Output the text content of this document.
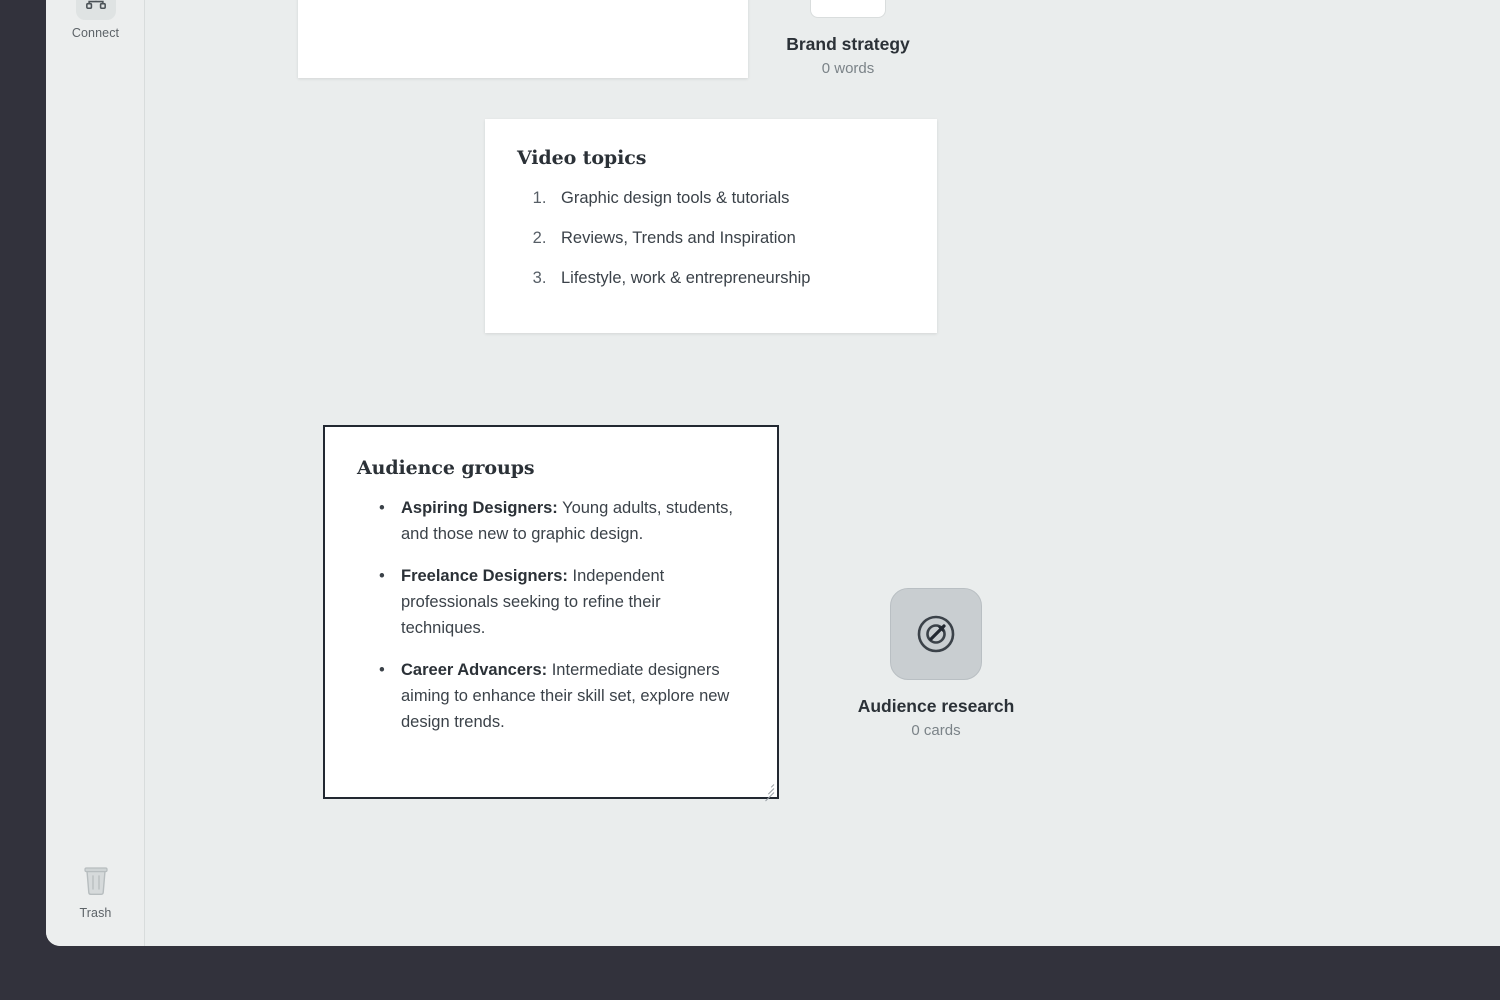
Connect
Trash
Brand strategy
0 words
Video topics
1. Graphic design tools & tutorials
2. Reviews, Trends and Inspiration
3. Lifestyle, work & entrepreneurship
Audience groups
• Aspiring Designers: Young adults, students, and those new to graphic design.
• Freelance Designers: Independent professionals seeking to refine their techniques.
• Career Advancers: Intermediate designers aiming to enhance their skill set, explore new design trends.
Audience research
0 cards
